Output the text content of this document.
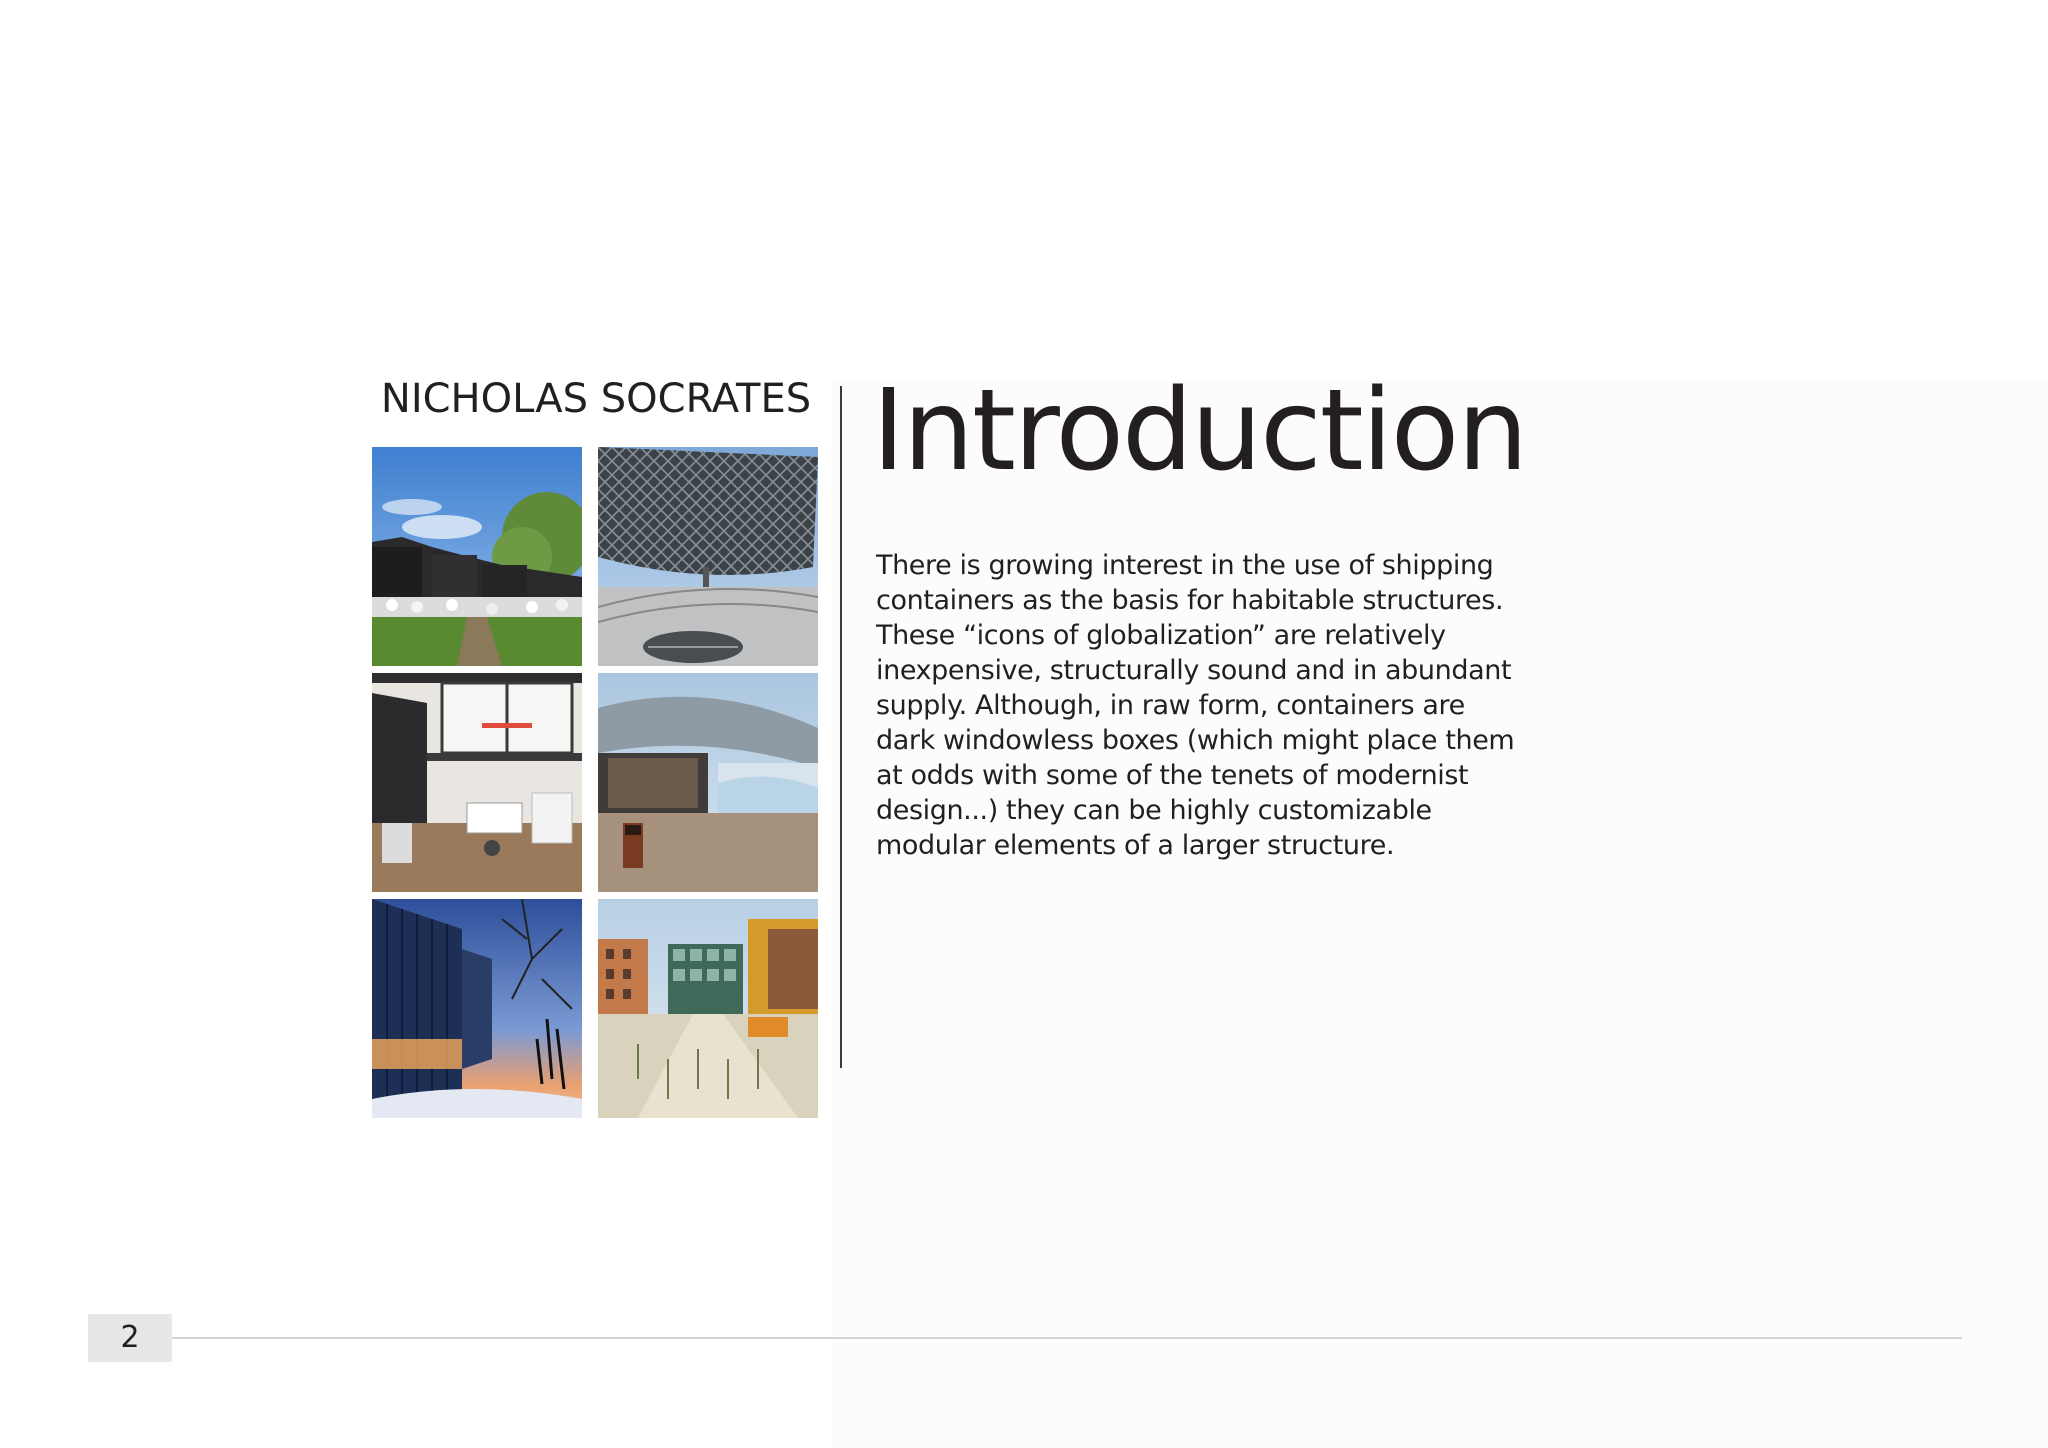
NICHOLAS SOCRATES Introduction

There is growing interest in the use of shipping containers as the basis for habitable structures. These “icons of globalization” are relatively inexpensive, structurally sound and in abundant supply. Although, in raw form, containers are dark windowless boxes (which might place them at odds with some of the tenets of modernist design...) they can be highly customizable modular elements of a larger structure.

2
